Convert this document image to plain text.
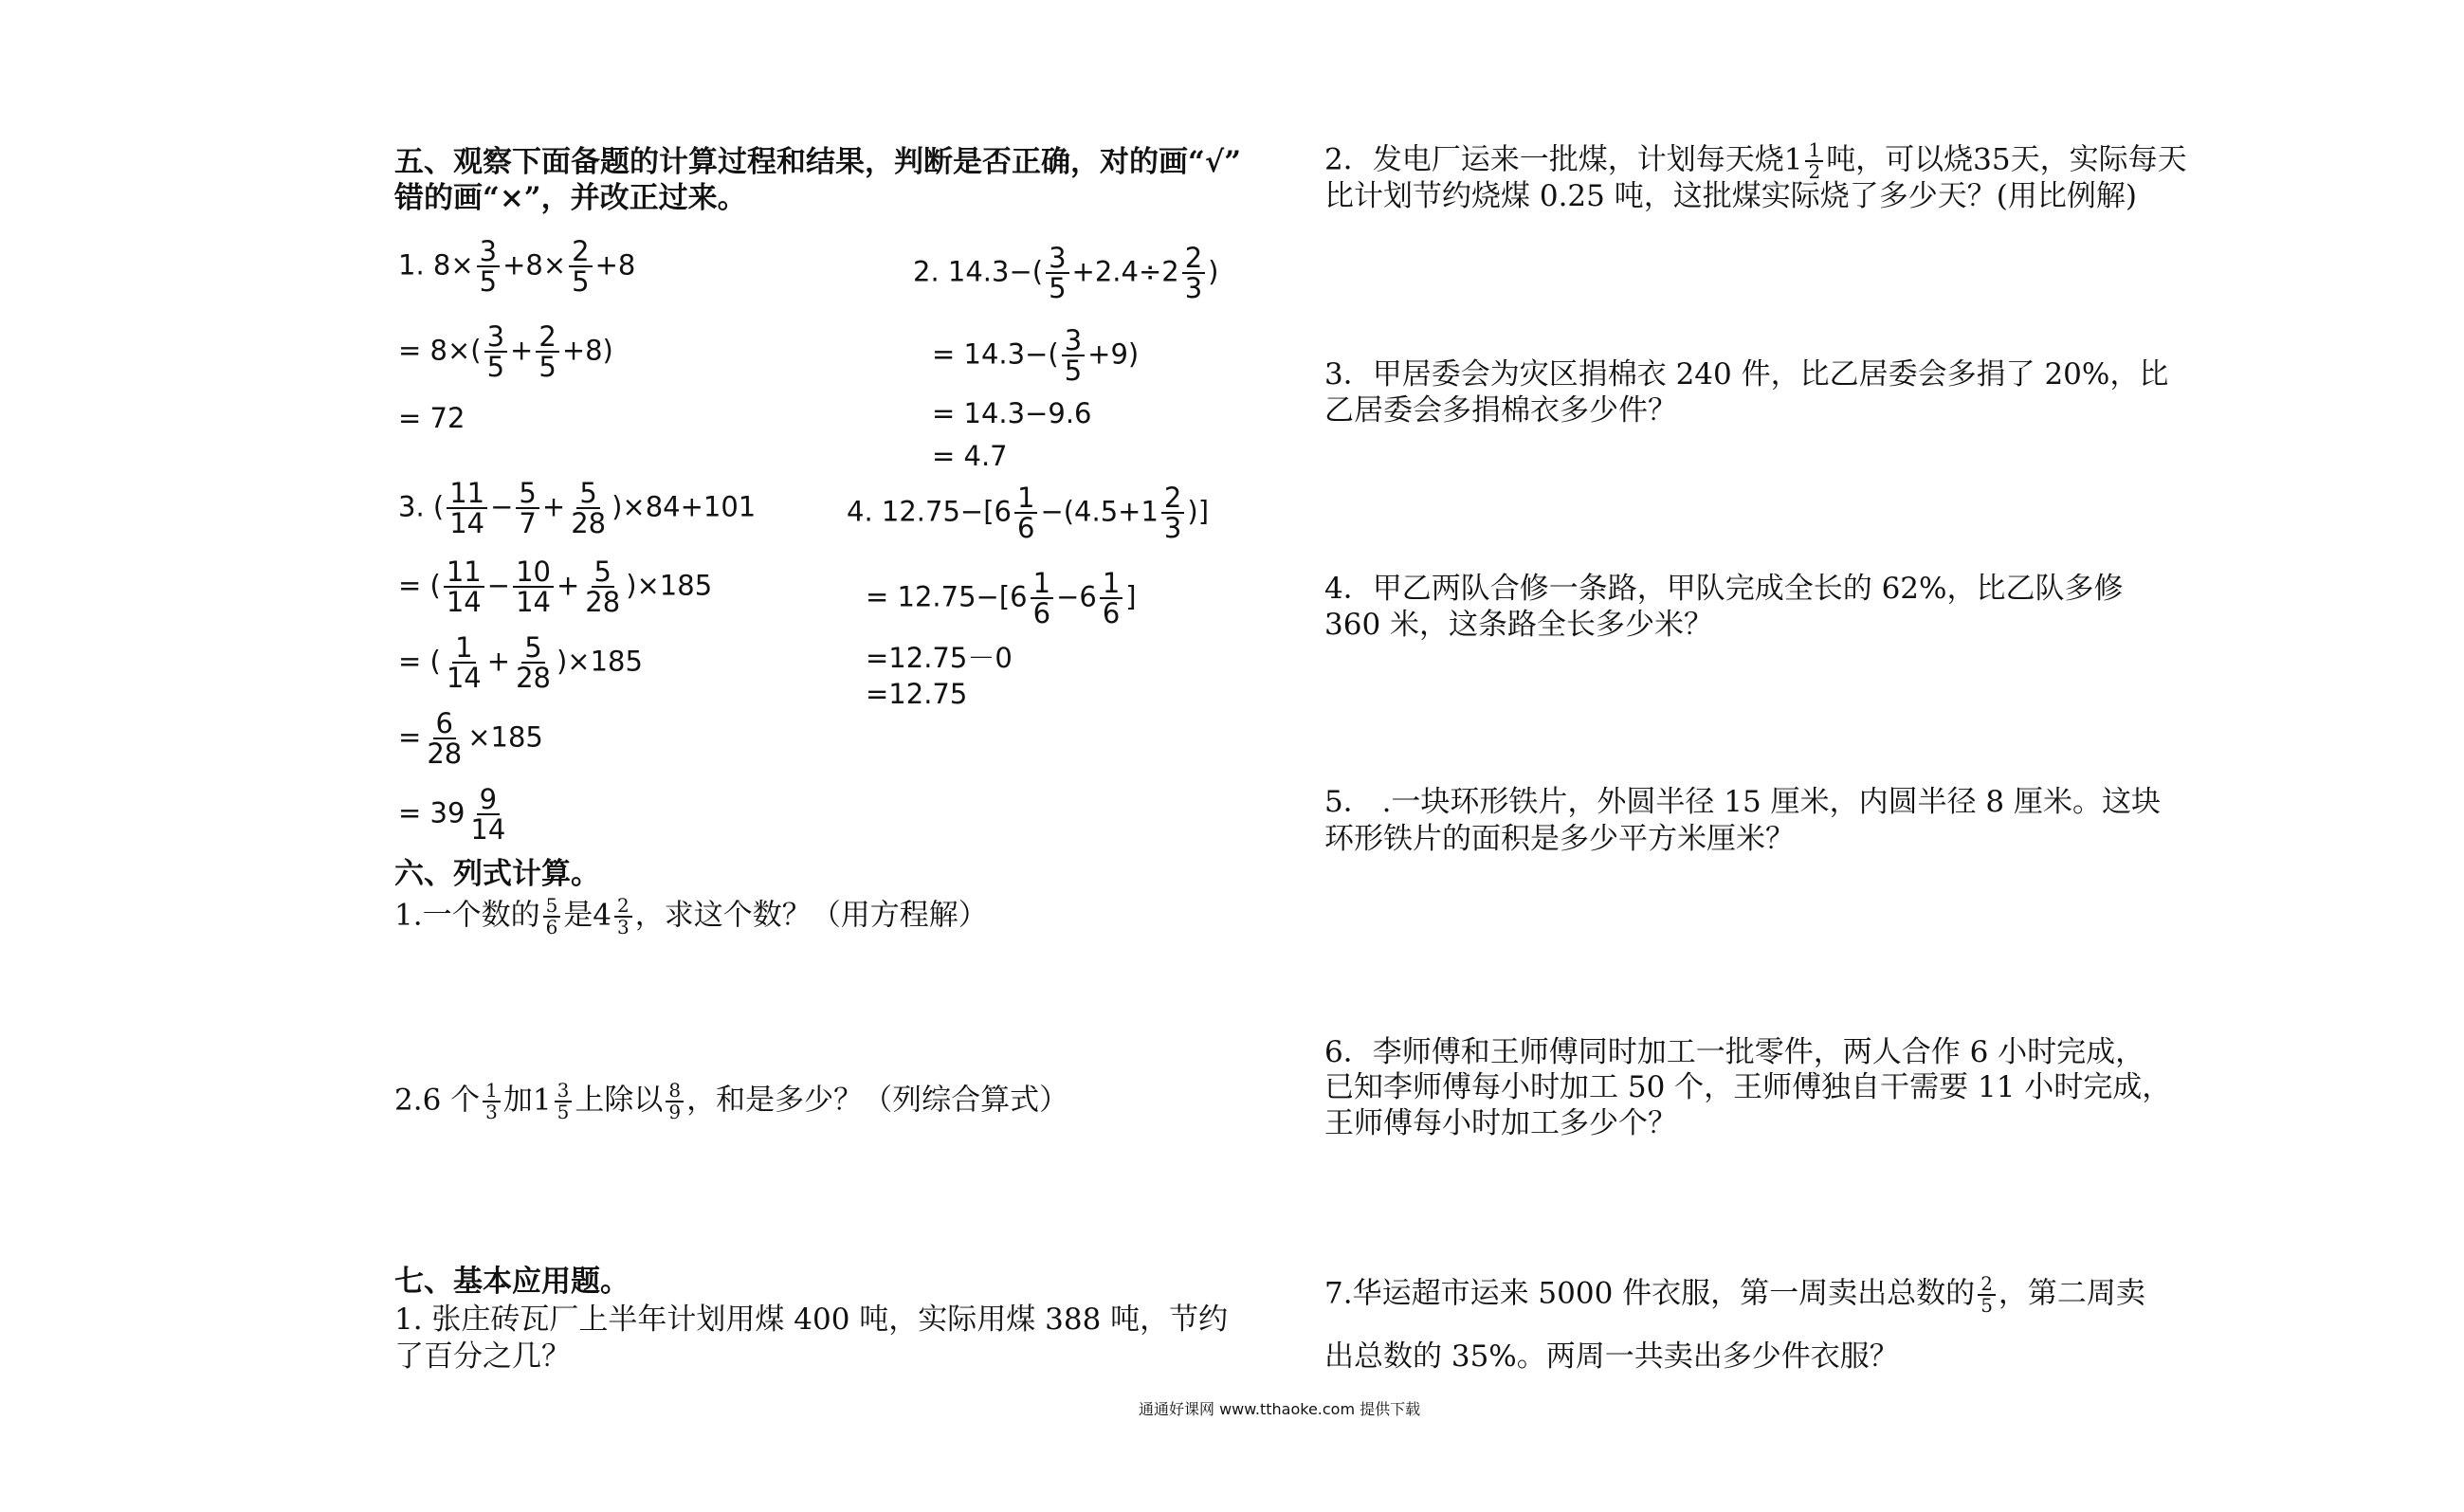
五、观察下面备题的计算过程和结果，判断是否正确，对的画“√”
错的画“×”，并改正过来。
1. $8\times \frac{3}{5} +8\times \frac{2}{5} +8$
= $8\times( \frac{3}{5} + \frac{2}{5} +8)$
= 72
2. $14.3-( \frac{3}{5} +2.4\div 2 \frac{2}{3}$ )
= $14.3-( \frac{3}{5} +9)$
= 14.3−9.6
= 4.7
3. ( $\frac{11}{14} - \frac{5}{7} + \frac{5}{28} )\times 84+101$
= ( $\frac{11}{14} - \frac{10}{14} + \frac{5}{28} )\times 185$
= ( $\frac{1}{14} + \frac{5}{28} )\times 185$
= $\frac{6}{28} \times 185$
= $39 \frac{9}{14}$
4. $12.75-[6 \frac{1}{6} -(4.5+1 \frac{2}{3}$ )]
= $12.75-[6 \frac{1}{6} -6 \frac{1}{6}$ ]
=12.75－0
=12.75
六、列式计算。
1.一个数的 $\frac{5}{6}$ 是$4 \frac{2}{3}$ ，求这个数？（用方程解）
2.6 个 $\frac{1}{3}$ 加$1 \frac{3}{5}$ 上除以 $\frac{8}{9}$ ，和是多少？（列综合算式）
七、基本应用题。
1. 张庄砖瓦厂上半年计划用煤 400 吨，实际用煤 388 吨，节约
了百分之几？
2．发电厂运来一批煤，计划每天烧$1 \frac{1}{2}$ 吨，可以烧35天，实际每天
比计划节约烧煤 0.25 吨，这批煤实际烧了多少天？(用比例解)
3．甲居委会为灾区捐棉衣 240 件，比乙居委会多捐了 20%，比
乙居委会多捐棉衣多少件？
4．甲乙两队合修一条路，甲队完成全长的 62%，比乙队多修
360 米，这条路全长多少米？
5． .一块环形铁片，外圆半径 15 厘米，内圆半径 8 厘米。这块
环形铁片的面积是多少平方米厘米？
6．李师傅和王师傅同时加工一批零件，两人合作 6 小时完成，
已知李师傅每小时加工 50 个，王师傅独自干需要 11 小时完成，
王师傅每小时加工多少个？
7.华运超市运来 5000 件衣服，第一周卖出总数的 $\frac{2}{5}$ ，第二周卖
出总数的 35%。两周一共卖出多少件衣服？
通通好课网 www.tthaoke.com 提供下载
